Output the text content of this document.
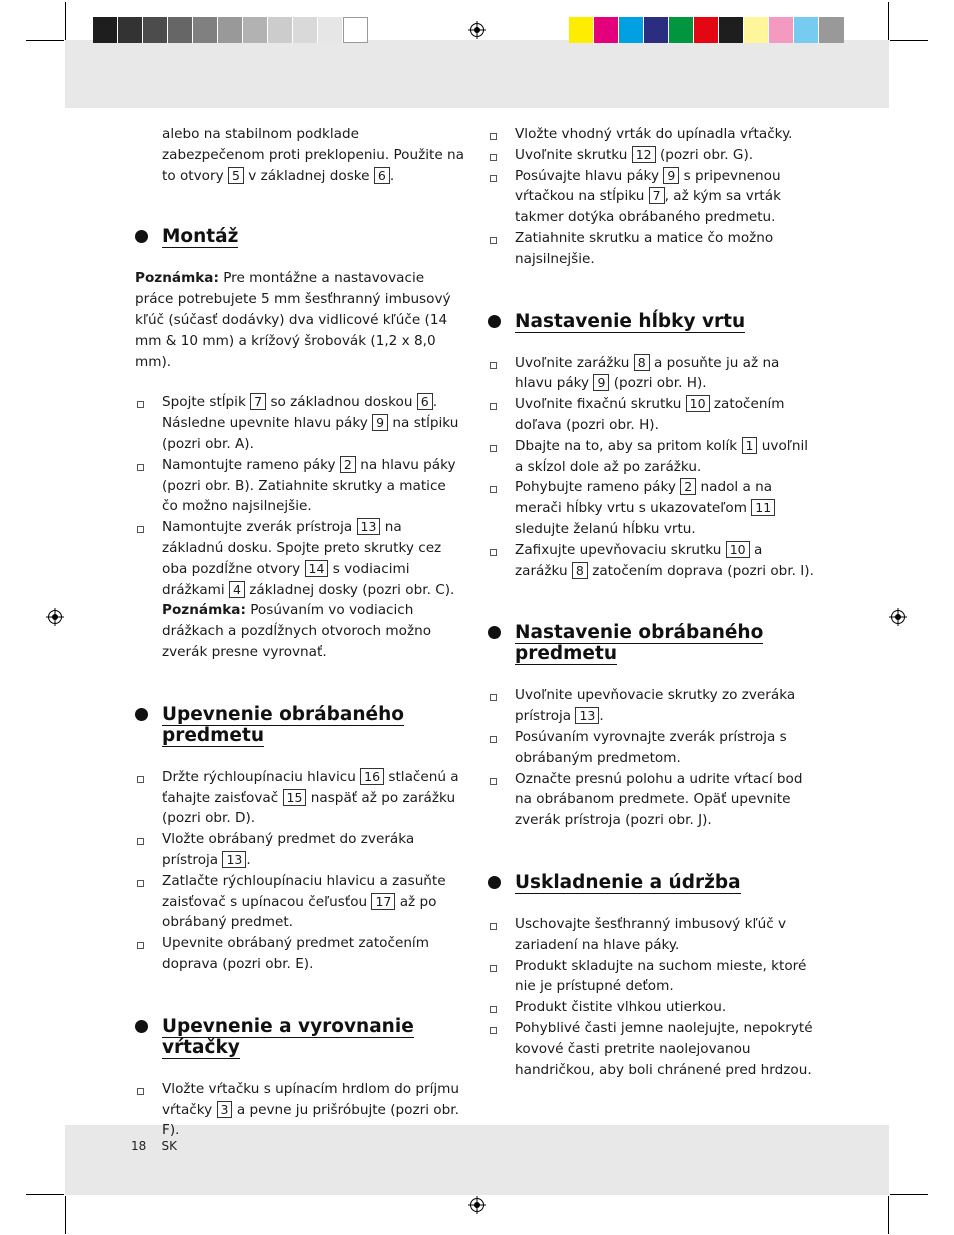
alebo na stabilnom podklade zabezpečenom proti preklopeniu. Použite na to otvory 5 v základnej doske 6 .

Montáž

Poznámka: Pre montážne a nastavovacie práce potrebujete 5 mm šesťhranný imbusový kľúč (súčasť dodávky) dva vidlicové kľúče (14 mm & 10 mm) a krížový šrobovák (1,2 x 8,0 mm).

Spojte stĺpik 7 so základnou doskou 6 . Následne upevnite hlavu páky 9 na stĺpiku (pozri obr. A).
Namontujte rameno páky 2 na hlavu páky (pozri obr. B). Zatiahnite skrutky a matice čo možno najsilnejšie.
Namontujte zverák prístroja 13 na základnú dosku. Spojte preto skrutky cez oba pozdĺžne otvory 14 s vodiacimi drážkami 4 základnej dosky (pozri obr. C).

Poznámka: Posúvaním vo vodiacich drážkach a pozdĺžnych otvoroch možno zverák presne vyrovnať.

Upevnenie obrábaného predmetu
Držte rýchloupínaciu hlavicu 16 stlačenú a ťahajte zaisťovač 15 naspäť až po zarážku (pozri obr. D).
Vložte obrábaný predmet do zveráka prístroja 13 .
Zatlačte rýchloupínaciu hlavicu a zasuňte zaisťovač s upínacou čeľusťou 17 až po obrábaný predmet.
Upevnite obrábaný predmet zatočením doprava (pozri obr. E).
Upevnenie a vyrovnanie vŕtačky
Vložte vŕtačku s upínacím hrdlom do príjmu vŕtačky 3 a pevne ju prišróbujte (pozri obr. F).
Vložte vhodný vrták do upínadla vŕtačky.
Uvoľnite skrutku 12 (pozri obr. G).
Posúvajte hlavu páky 9 s pripevnenou vŕtačkou na stĺpiku 7 , až kým sa vrták takmer dotýka obrábaného predmetu.
Zatiahnite skrutku a matice čo možno najsilnejšie.
Nastavenie hĺbky vrtu
Uvoľnite zarážku 8 a posuňte ju až na hlavu páky 9 (pozri obr. H).
Uvoľnite fixačnú skrutku 10 zatočením doľava (pozri obr. H).
Dbajte na to, aby sa pritom kolík 1 uvoľnil a skĺzol dole až po zarážku.
Pohybujte rameno páky 2 nadol a na merači hĺbky vrtu s ukazovateľom 11 sledujte želanú hĺbku vrtu.
Zafixujte upevňovaciu skrutku 10 a zarážku 8 zatočením doprava (pozri obr. I).
Nastavenie obrábaného predmetu
Uvoľnite upevňovacie skrutky zo zveráka prístroja 13 .
Posúvaním vyrovnajte zverák prístroja s obrábaným predmetom.
Označte presnú polohu a udrite vŕtací bod na obrábanom predmete. Opäť upevnite zverák prístroja (pozri obr. J).
Uskladnenie a údržba
Uschovajte šesťhranný imbusový kľúč v zariadení na hlave páky.
Produkt skladujte na suchom mieste, ktoré nie je prístupné deťom.
Produkt čistite vlhkou utierkou.
Pohyblivé časti jemne naolejujte, nepokryté kovové časti pretrite naolejovanou handričkou, aby boli chránené pred hrdzou.
18 SK
